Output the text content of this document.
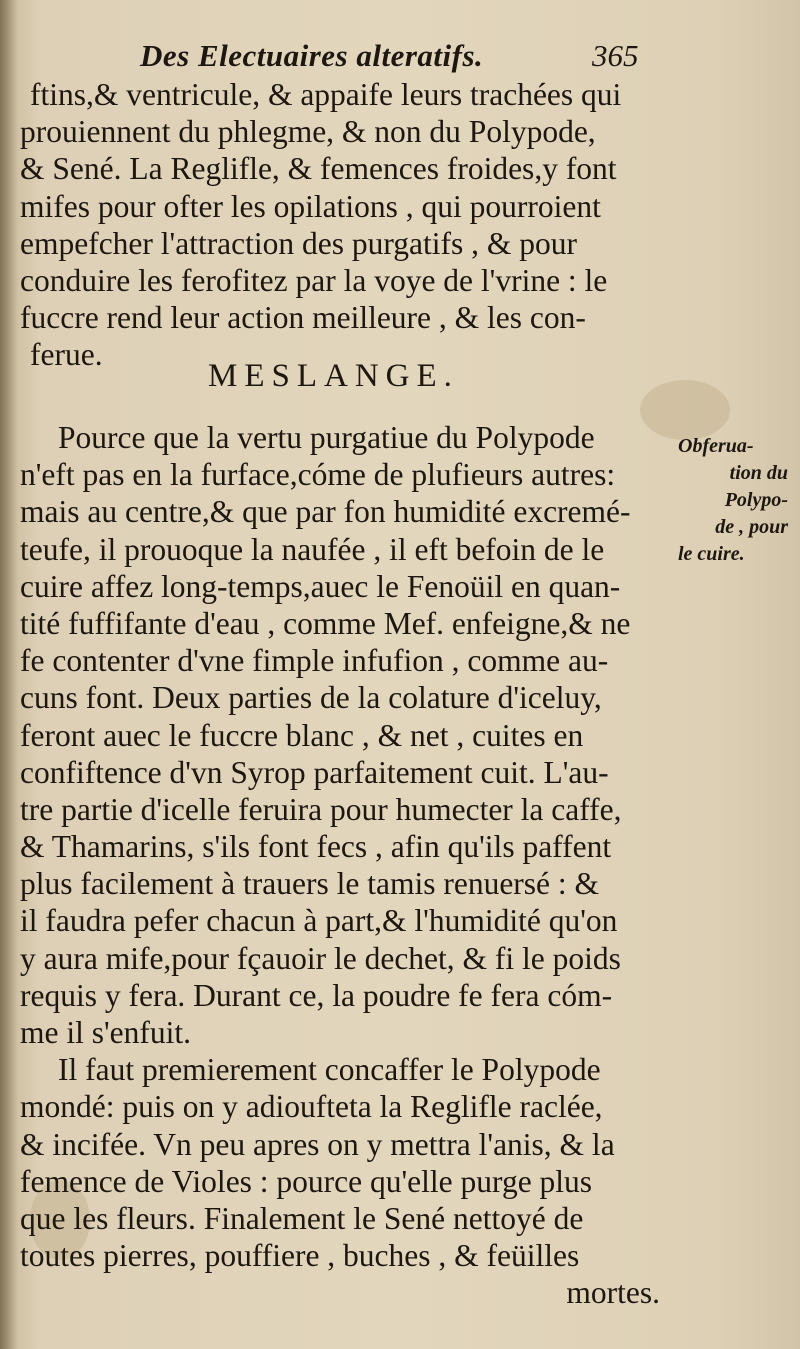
Des Electuaires alteratifs.	365
ftins,& ventricule, & appaife leurs trachées qui
prouiennent du phlegme, & non du Polypode,
& Sené. La Reglifle, & femences froides,y font
mifes pour ofter les opilations , qui pourroient
empefcher l'attraction des purgatifs , & pour
conduire les ferofitez par la voye de l'vrine : le
fuccre rend leur action meilleure , & les con-
ferue.
MESLANGE.
Pource que la vertu purgatiue du Polypode
n'eft pas en la furface,cóme de plufieurs autres:
mais au centre,& que par fon humidité excremé-
teufe, il prouoque la naufée , il eft befoin de le
cuire affez long-temps,auec le Fenoüil en quan-
tité fuffifante d'eau , comme Mef. enfeigne,& ne
fe contenter d'vne fimple infufion , comme au-
cuns font. Deux parties de la colature d'iceluy,
feront auec le fuccre blanc , & net , cuites en
confiftence d'vn Syrop parfaitement cuit. L'au-
tre partie d'icelle feruira pour humecter la caffe,
& Thamarins, s'ils font fecs , afin qu'ils paffent
plus facilement à trauers le tamis renuersé : &
il faudra pefer chacun à part,& l'humidité qu'on
y aura mife,pour fçauoir le dechet, & fi le poids
requis y fera. Durant ce, la poudre fe fera cóm-
me il s'enfuit.
Il faut premierement concaffer le Polypode
mondé: puis on y adioufteta la Reglifle raclée,
& incifée. Vn peu apres on y mettra l'anis, & la
femence de Violes : pource qu'elle purge plus
que les fleurs. Finalement le Sené nettoyé de
toutes pierres, pouffiere , buches , & feüilles
mortes.
Obferua-
tion du
Polypo-
de , pour
le cuire.
